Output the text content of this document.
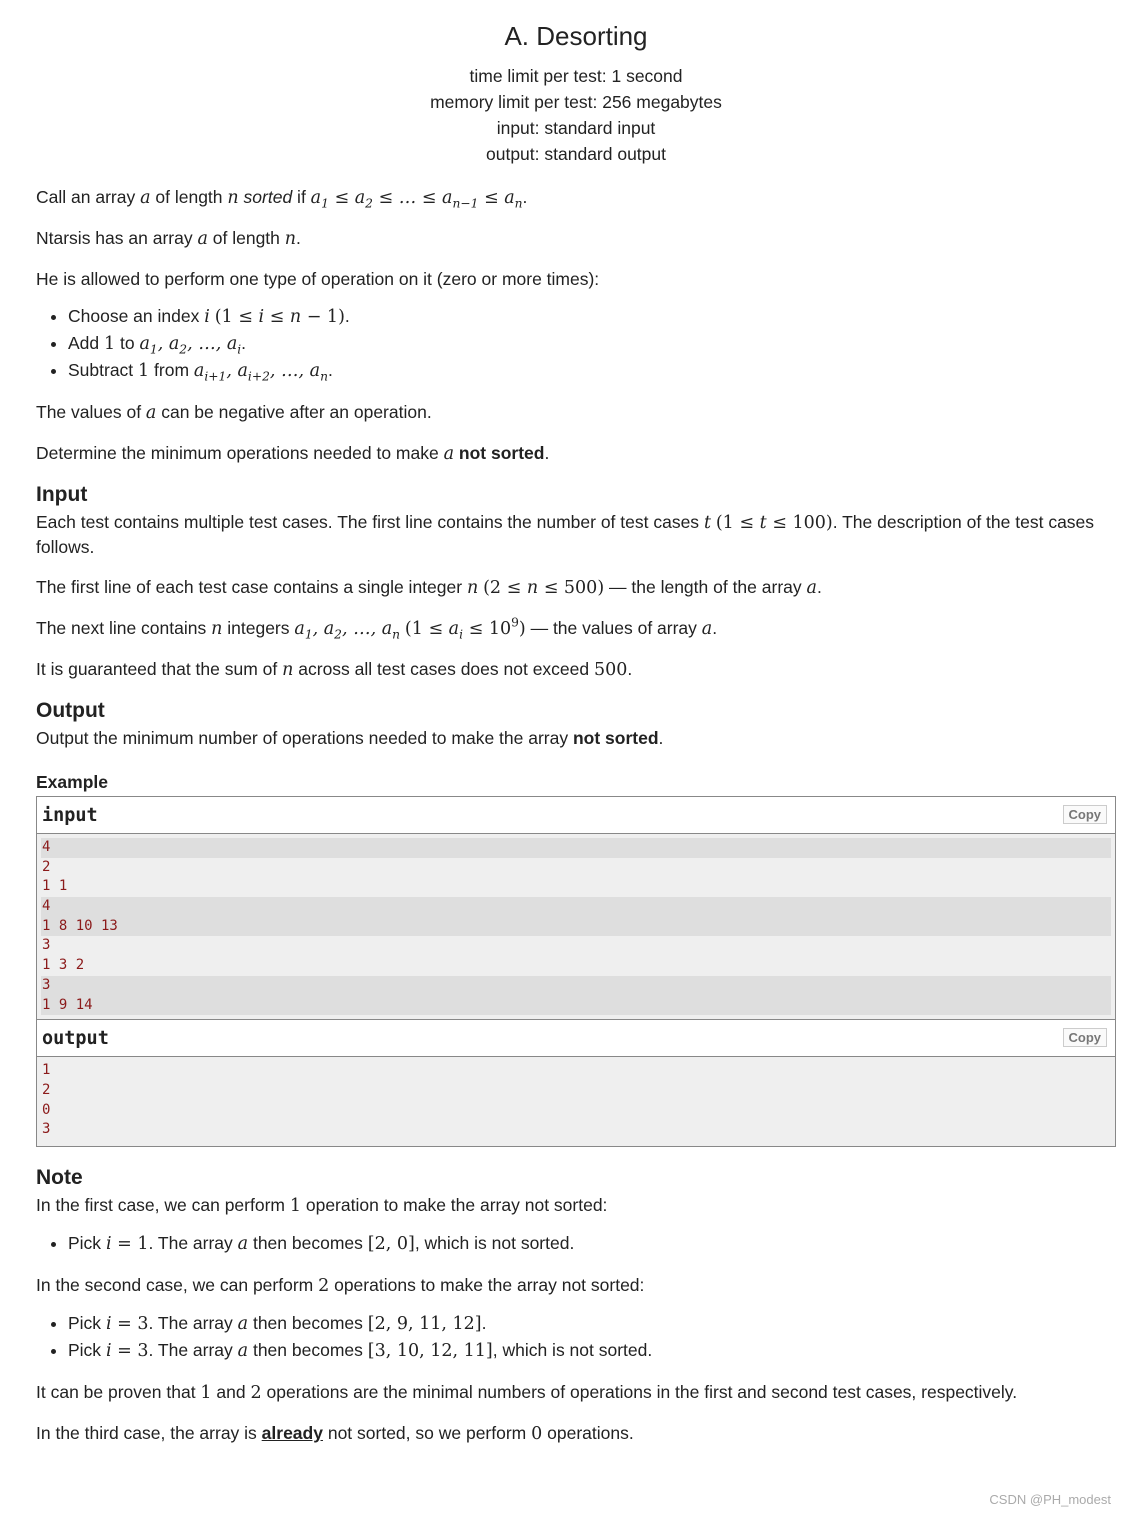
A. Desorting
time limit per test: 1 second
memory limit per test: 256 megabytes
input: standard input
output: standard output
Call an array a of length n sorted if $a_1 \le a_2$ ≤ … ≤ $a_{n-1} \le a_n$.
Ntarsis has an array a of length n.
He is allowed to perform one type of operation on it (zero or more times):
• Choose an index i (1 ≤ i ≤ n − 1).
• Add 1 to $a_1$, $a_2$, …, $a_i$.
• Subtract 1 from $a_{i+1}$, $a_{i+2}$, …, $a_n$.
The values of a can be negative after an operation.
Determine the minimum operations needed to make a not sorted.
Input
Each test contains multiple test cases. The first line contains the number of test cases t (1 ≤ t ≤ 100). The description of the test cases follows.
The first line of each test case contains a single integer n (2 ≤ n ≤ 500) — the length of the array a.
The next line contains n integers $a_1$, $a_2$, …, $a_n$ $(1 \le a_i \le 10^9)$ — the values of array a.
It is guaranteed that the sum of n across all test cases does not exceed 500.
Output
Output the minimum number of operations needed to make the array not sorted.
Example
input	Copy
4
2
1 1
4
1 8 10 13
3
1 3 2
3
1 9 14
output	Copy
1
2
0
3
Note
In the first case, we can perform 1 operation to make the array not sorted:
• Pick i = 1. The array a then becomes [2, 0], which is not sorted.
In the second case, we can perform 2 operations to make the array not sorted:
• Pick i = 3. The array a then becomes [2, 9, 11, 12].
• Pick i = 3. The array a then becomes [3, 10, 12, 11], which is not sorted.
It can be proven that 1 and 2 operations are the minimal numbers of operations in the first and second test cases, respectively.
In the third case, the array is already not sorted, so we perform 0 operations.
CSDN @PH_modest
